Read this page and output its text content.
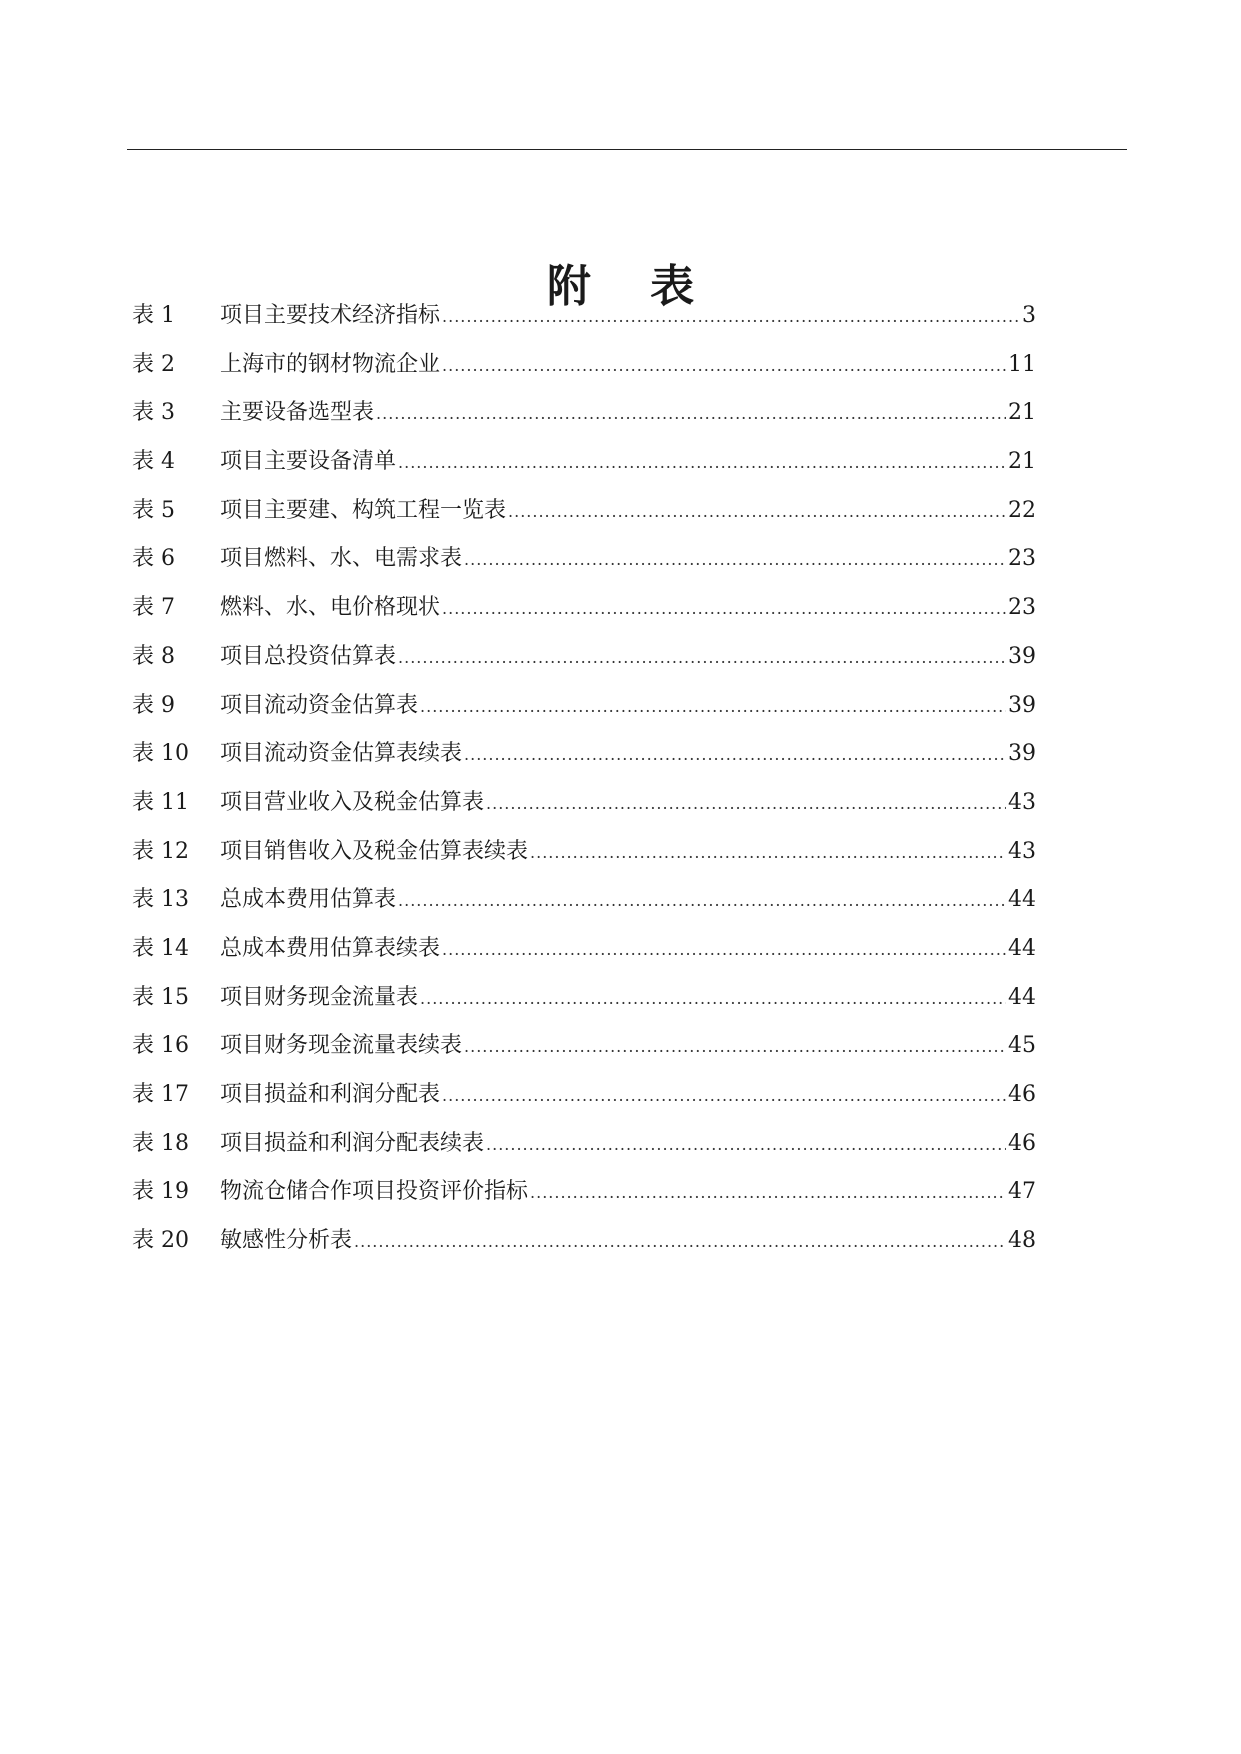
附 表
表 1	项目主要技术经济指标 .....	3
表 2	上海市的钢材物流企业 .....	11
表 3	主要设备选型表 .....	21
表 4	项目主要设备清单 .....	21
表 5	项目主要建、构筑工程一览表 .....	22
表 6	项目燃料、水、电需求表 .....	23
表 7	燃料、水、电价格现状 .....	23
表 8	项目总投资估算表 .....	39
表 9	项目流动资金估算表 .....	39
表 10	项目流动资金估算表续表 .....	39
表 11	项目营业收入及税金估算表 .....	43
表 12	项目销售收入及税金估算表续表 .....	43
表 13	总成本费用估算表 .....	44
表 14	总成本费用估算表续表 .....	44
表 15	项目财务现金流量表 .....	44
表 16	项目财务现金流量表续表 .....	45
表 17	项目损益和利润分配表 .....	46
表 18	项目损益和利润分配表续表 .....	46
表 19	物流仓储合作项目投资评价指标 .....	47
表 20	敏感性分析表 .....	48
